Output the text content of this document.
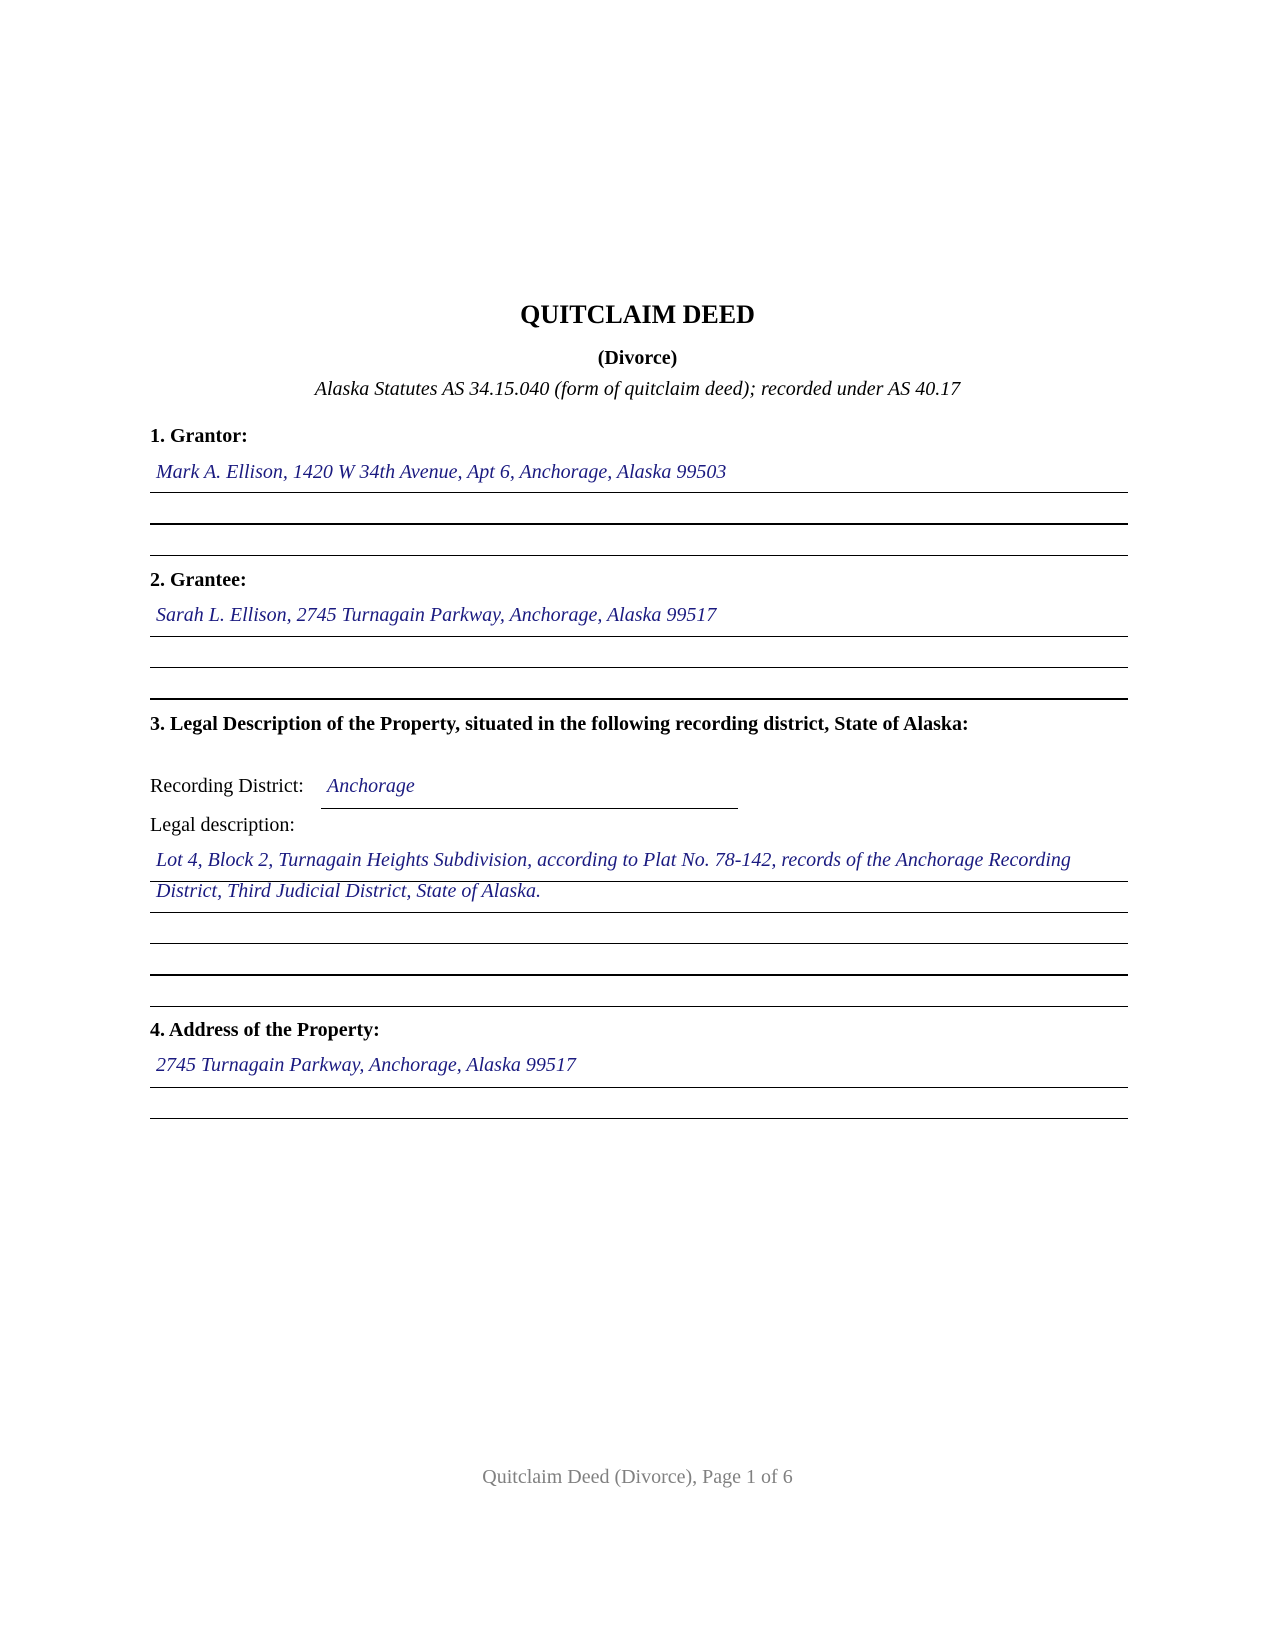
QUITCLAIM DEED
(Divorce)
Alaska Statutes AS 34.15.040 (form of quitclaim deed); recorded under AS 40.17
1. Grantor:
Mark A. Ellison, 1420 W 34th Avenue, Apt 6, Anchorage, Alaska 99503
2. Grantee:
Sarah L. Ellison, 2745 Turnagain Parkway, Anchorage, Alaska 99517
3. Legal Description of the Property, situated in the following recording district, State of Alaska:
Recording District: Anchorage
Legal description:
Lot 4, Block 2, Turnagain Heights Subdivision, according to Plat No. 78-142, records of the Anchorage Recording
District, Third Judicial District, State of Alaska.
4. Address of the Property:
2745 Turnagain Parkway, Anchorage, Alaska 99517
Quitclaim Deed (Divorce), Page 1 of 6
